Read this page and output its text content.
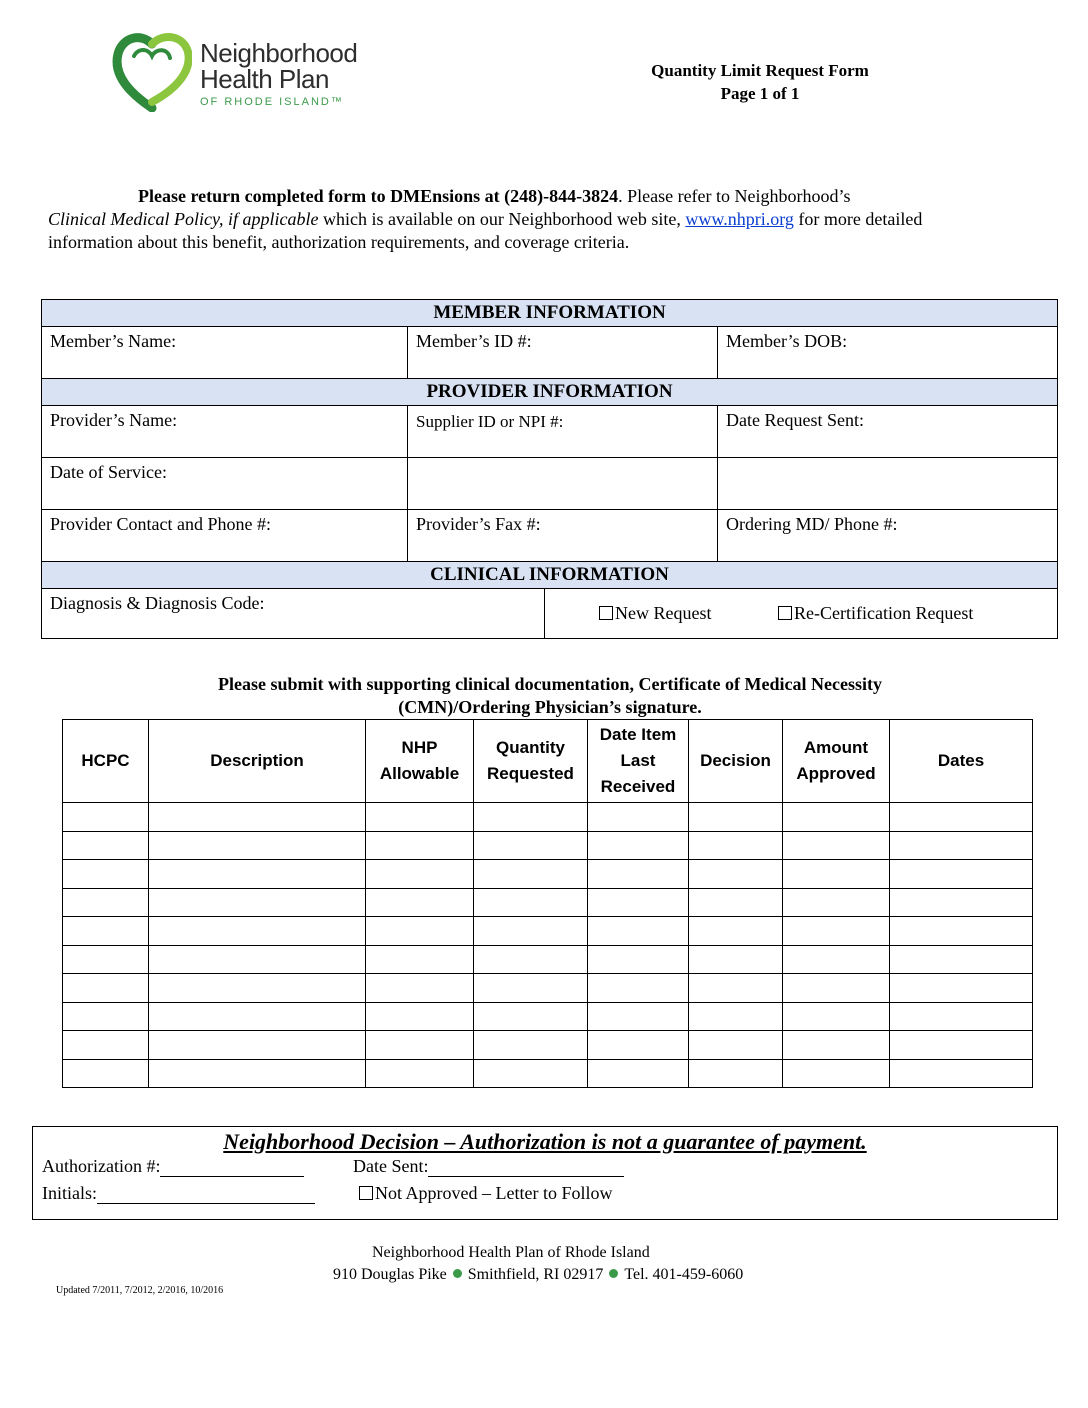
Neighborhood
Health Plan
OF RHODE ISLAND™
Quantity Limit Request Form
Page 1 of 1
Please return completed form to DMEnsions at (248)-844-3824. Please refer to Neighborhood’s
Clinical Medical Policy, if applicable which is available on our Neighborhood web site, www.nhpri.org for more detailed
information about this benefit, authorization requirements, and coverage criteria.
MEMBER INFORMATION			
Member’s Name:	Member’s ID #:		Member’s DOB:
PROVIDER INFORMATION			
Provider’s Name:	Supplier ID or NPI #:		Date Request Sent:
Date of Service:			
Provider Contact and Phone #:	Provider’s Fax #:		Ordering MD/ Phone #:
CLINICAL INFORMATION			
Diagnosis & Diagnosis Code:		New Request Re-Certification Request	
Please submit with supporting clinical documentation, Certificate of Medical Necessity
(CMN)/Ordering Physician’s signature.
HCPC	Description	NHP Allowable	Quantity Requested	Date Item Last Received	Decision	Amount Approved	Dates

Neighborhood Decision – Authorization is not a guarantee of payment.
Authorization #:	Date Sent:
Initials:	Not Approved – Letter to Follow
Neighborhood Health Plan of Rhode Island
910 Douglas Pike Smithfield, RI 02917 Tel. 401-459-6060
Updated 7/2011, 7/2012, 2/2016, 10/2016
